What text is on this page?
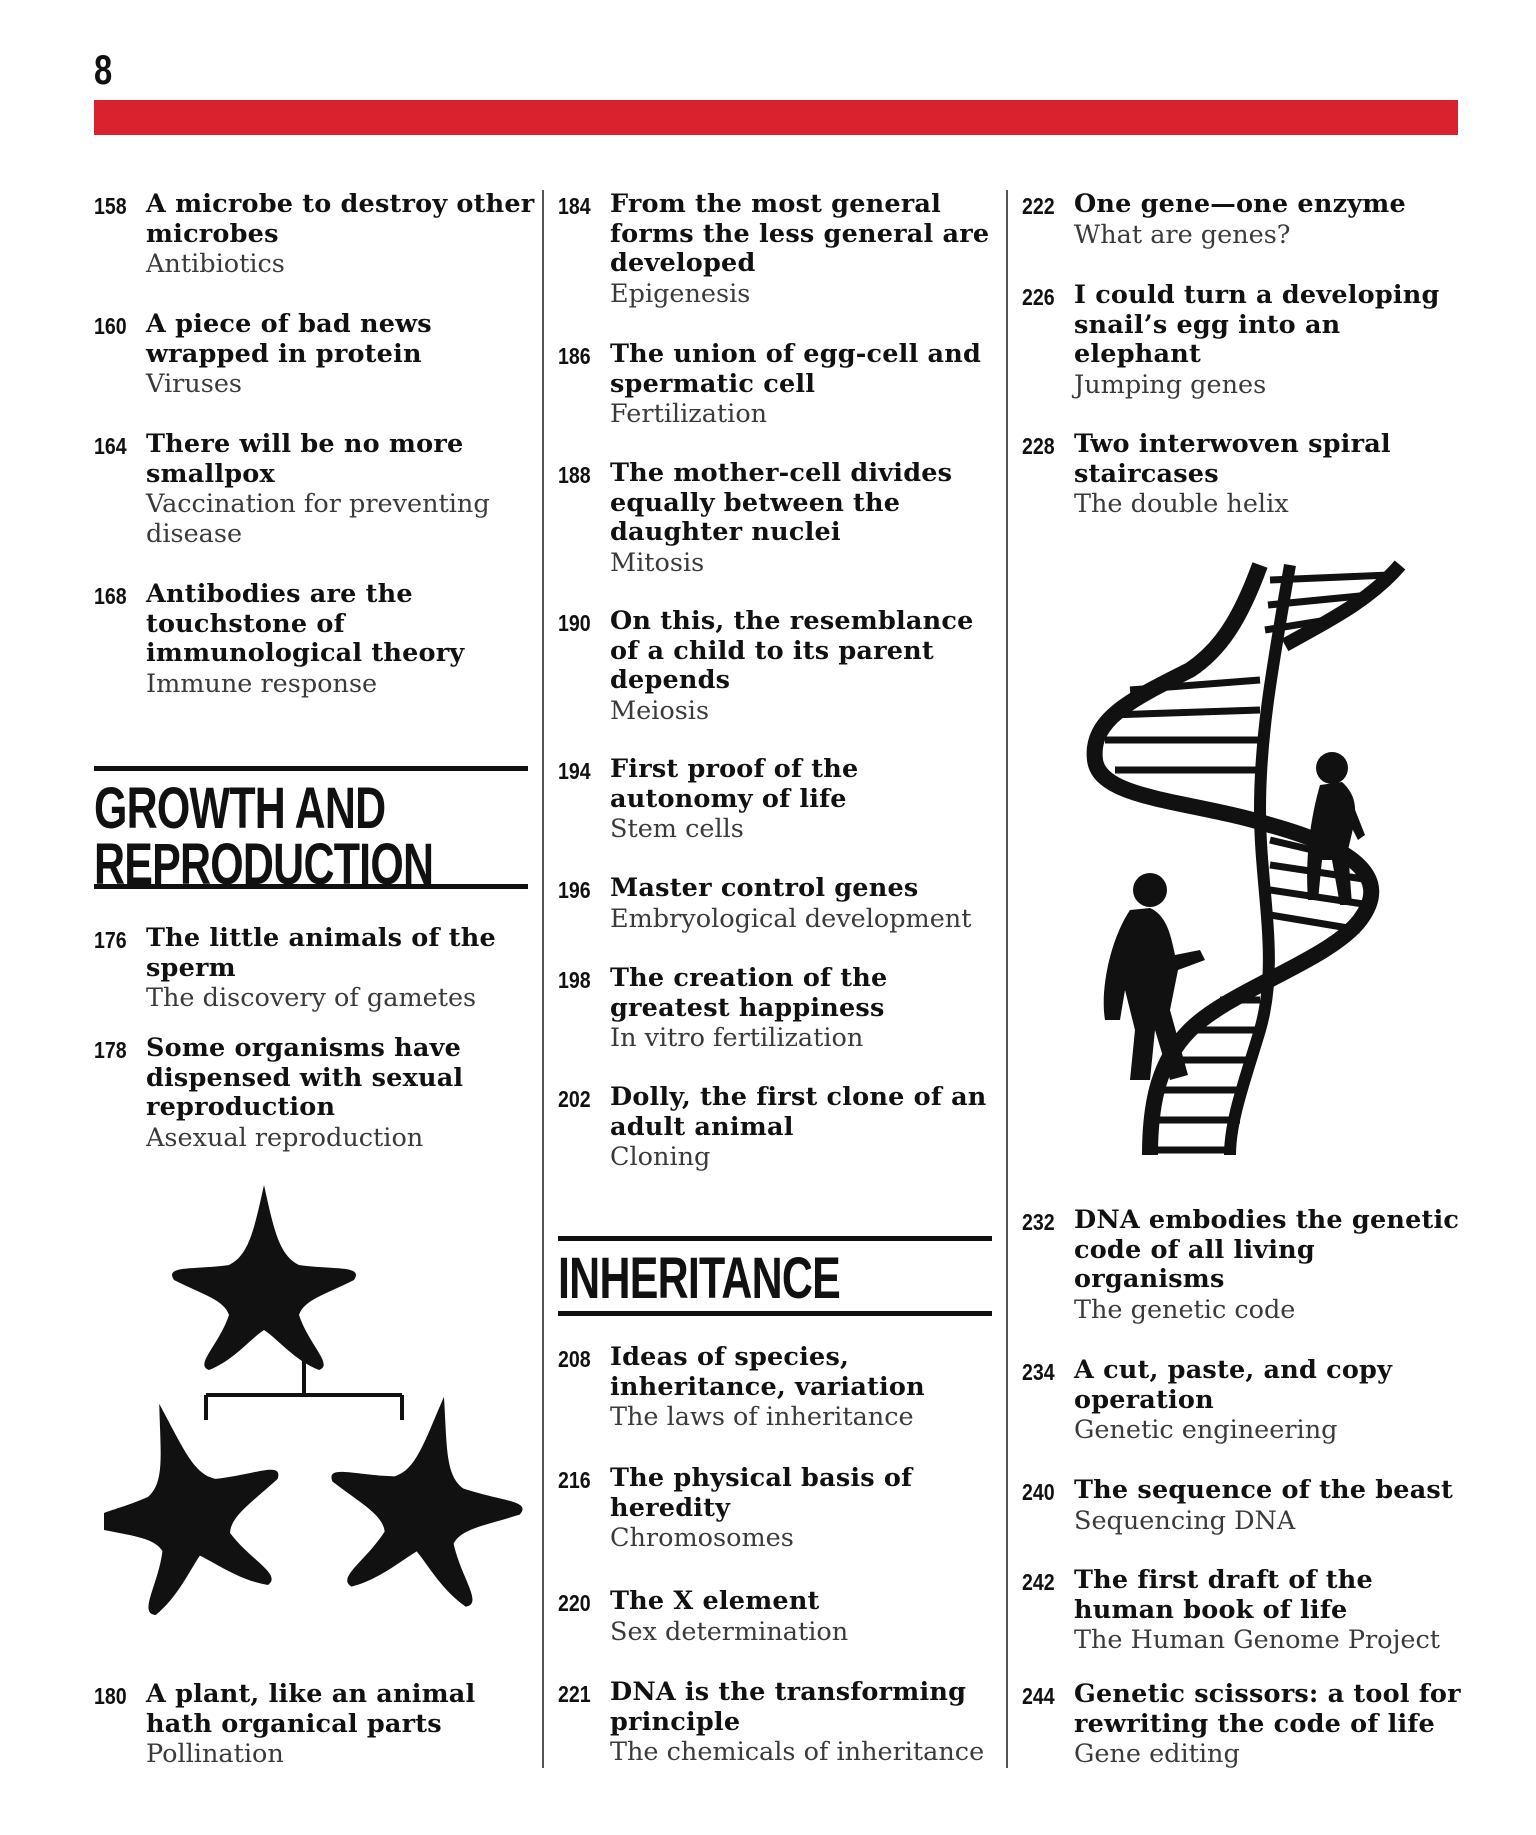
8
158 A microbe to destroy other microbes
Antibiotics
160 A piece of bad news wrapped in protein
Viruses
164 There will be no more smallpox
Vaccination for preventing disease
168 Antibodies are the touchstone of immunological theory
Immune response
GROWTH AND
REPRODUCTION
176 The little animals of the sperm
The discovery of gametes
178 Some organisms have dispensed with sexual reproduction
Asexual reproduction
180 A plant, like an animal hath organical parts
Pollination
184 From the most general forms the less general are developed
Epigenesis
186 The union of egg-cell and spermatic cell
Fertilization
188 The mother-cell divides equally between the daughter nuclei
Mitosis
190 On this, the resemblance of a child to its parent depends
Meiosis
194 First proof of the autonomy of life
Stem cells
196 Master control genes
Embryological development
198 The creation of the greatest happiness
In vitro fertilization
202 Dolly, the first clone of an adult animal
Cloning
INHERITANCE
208 Ideas of species, inheritance, variation
The laws of inheritance
216 The physical basis of heredity
Chromosomes
220 The X element
Sex determination
221 DNA is the transforming principle
The chemicals of inheritance
222 One gene—one enzyme
What are genes?
226 I could turn a developing snail’s egg into an elephant
Jumping genes
228 Two interwoven spiral staircases
The double helix
232 DNA embodies the genetic code of all living organisms
The genetic code
234 A cut, paste, and copy operation
Genetic engineering
240 The sequence of the beast
Sequencing DNA
242 The first draft of the human book of life
The Human Genome Project
244 Genetic scissors: a tool for rewriting the code of life
Gene editing
